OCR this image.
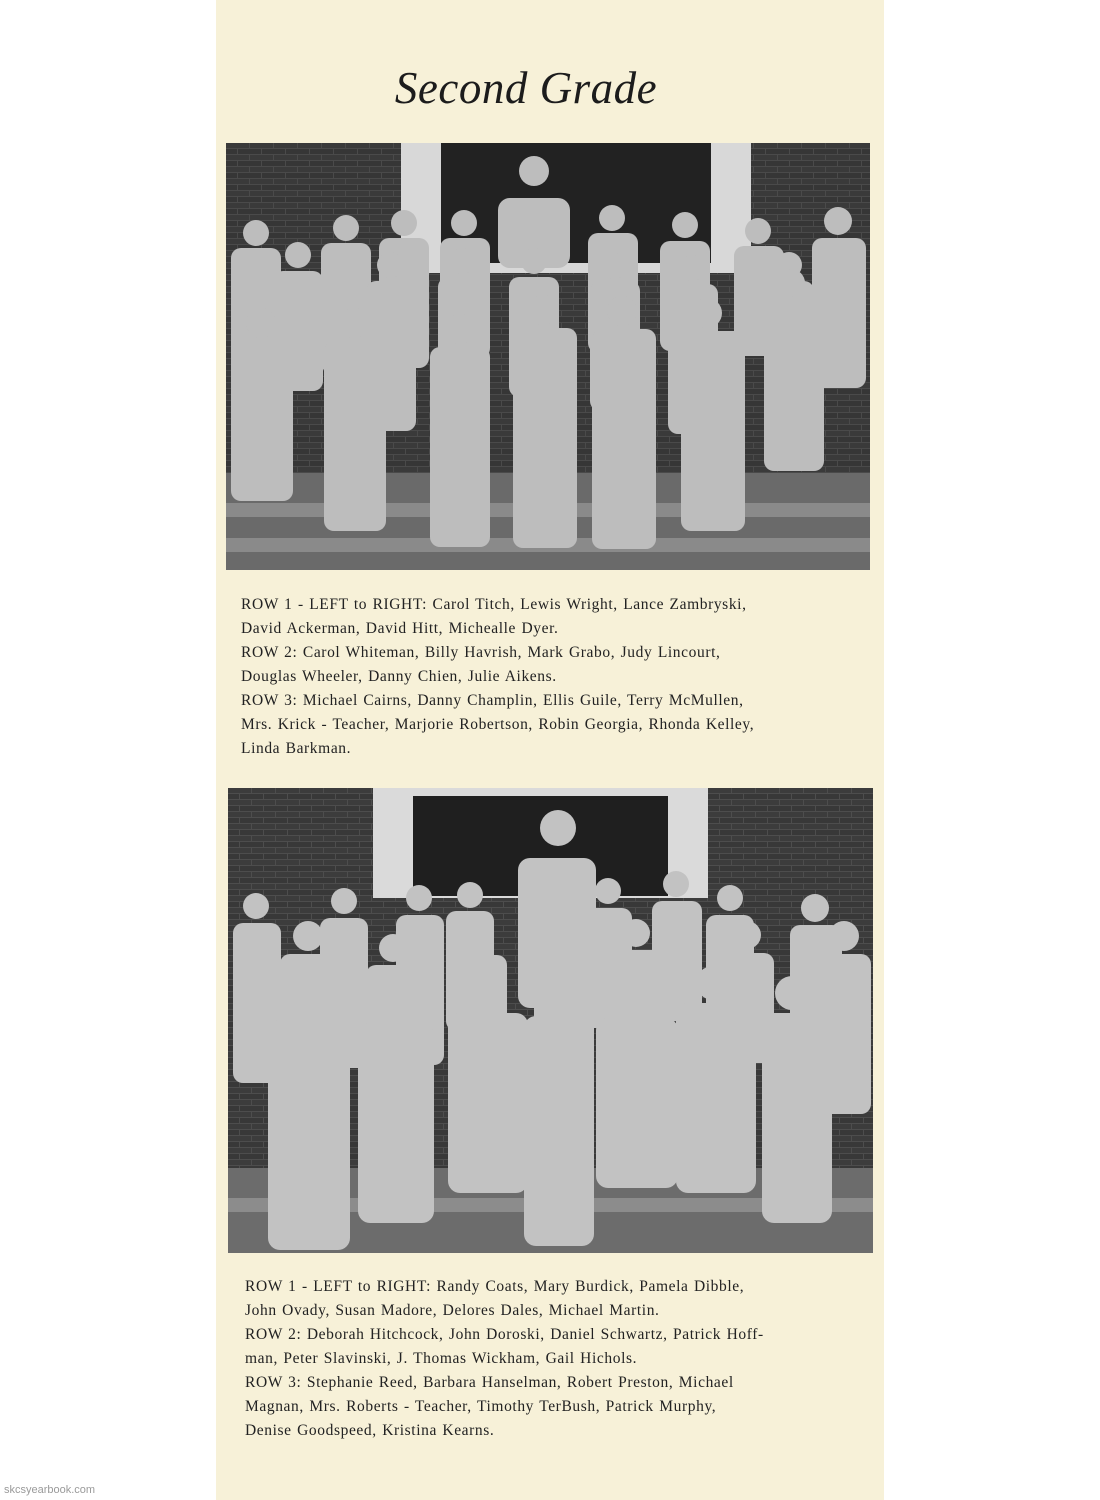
Second Grade
ROW 1 - LEFT to RIGHT: Carol Titch, Lewis Wright, Lance Zambryski,
David Ackerman, David Hitt, Michealle Dyer.
ROW 2: Carol Whiteman, Billy Havrish, Mark Grabo, Judy Lincourt,
Douglas Wheeler, Danny Chien, Julie Aikens.
ROW 3: Michael Cairns, Danny Champlin, Ellis Guile, Terry McMullen,
Mrs. Krick - Teacher, Marjorie Robertson, Robin Georgia, Rhonda Kelley,
Linda Barkman.
ROW 1 - LEFT to RIGHT: Randy Coats, Mary Burdick, Pamela Dibble,
John Ovady, Susan Madore, Delores Dales, Michael Martin.
ROW 2: Deborah Hitchcock, John Doroski, Daniel Schwartz, Patrick Hoff-
man, Peter Slavinski, J. Thomas Wickham, Gail Hichols.
ROW 3: Stephanie Reed, Barbara Hanselman, Robert Preston, Michael
Magnan, Mrs. Roberts - Teacher, Timothy TerBush, Patrick Murphy,
Denise Goodspeed, Kristina Kearns.
skcsyearbook.com
